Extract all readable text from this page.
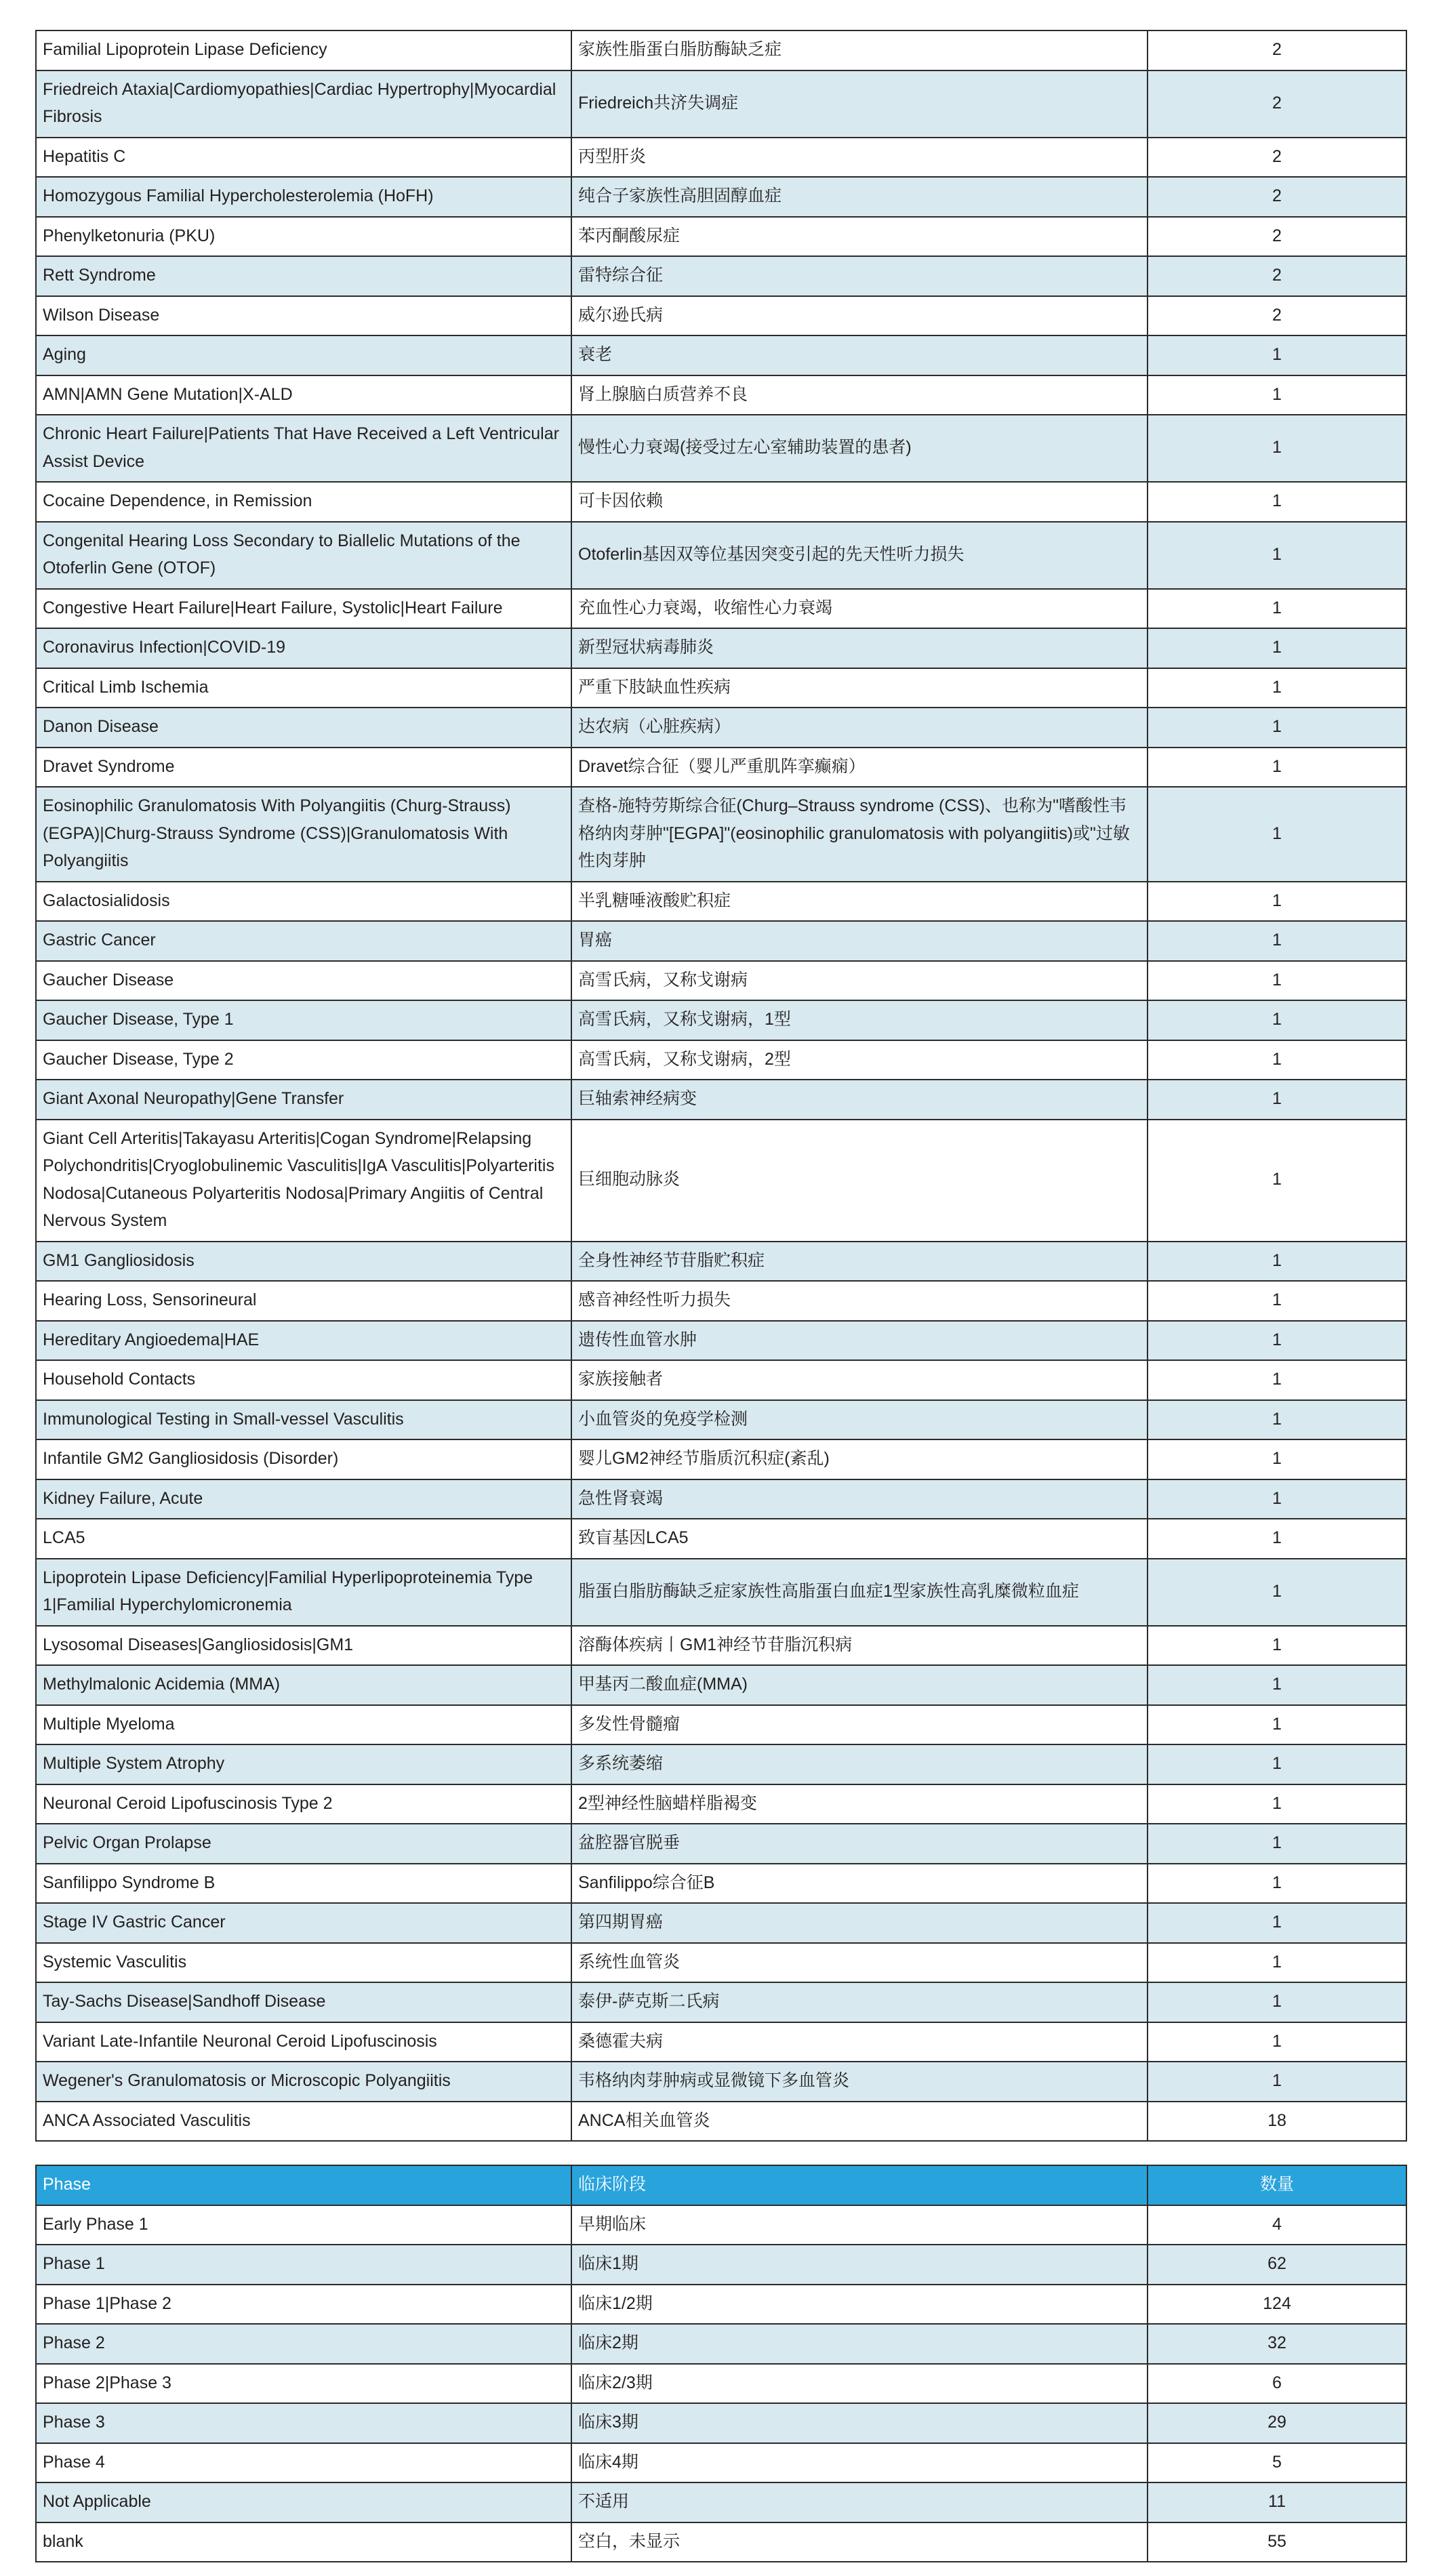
Familial Lipoprotein Lipase Deficiency	家族性脂蛋白脂肪酶缺乏症	2
Friedreich Ataxia|Cardiomyopathies|Cardiac Hypertrophy|Myocardial Fibrosis	Friedreich共济失调症	2
Hepatitis C	丙型肝炎	2
Homozygous Familial Hypercholesterolemia (HoFH)	纯合子家族性高胆固醇血症	2
Phenylketonuria (PKU)	苯丙酮酸尿症	2
Rett Syndrome	雷特综合征	2
Wilson Disease	威尔逊氏病	2
Aging	衰老	1
AMN|AMN Gene Mutation|X-ALD	肾上腺脑白质营养不良	1
Chronic Heart Failure|Patients That Have Received a Left Ventricular Assist Device	慢性心力衰竭(接受过左心室辅助装置的患者)	1
Cocaine Dependence, in Remission	可卡因依赖	1
Congenital Hearing Loss Secondary to Biallelic Mutations of the Otoferlin Gene (OTOF)	Otoferlin基因双等位基因突变引起的先天性听力损失	1
Congestive Heart Failure|Heart Failure, Systolic|Heart Failure	充血性心力衰竭，收缩性心力衰竭	1
Coronavirus Infection|COVID-19	新型冠状病毒肺炎	1
Critical Limb Ischemia	严重下肢缺血性疾病	1
Danon Disease	达农病（心脏疾病）	1
Dravet Syndrome	Dravet综合征（婴儿严重肌阵挛癫痫）	1
Eosinophilic Granulomatosis With Polyangiitis (Churg-Strauss)(EGPA)|Churg-Strauss Syndrome (CSS)|Granulomatosis With Polyangiitis	查格-施特劳斯综合征(Churg–Strauss syndrome (CSS)、也称为"嗜酸性韦格纳肉芽肿"[EGPA]"(eosinophilic granulomatosis with polyangiitis)或"过敏性肉芽肿	1
Galactosialidosis	半乳糖唾液酸贮积症	1
Gastric Cancer	胃癌	1
Gaucher Disease	高雪氏病，又称戈谢病	1
Gaucher Disease, Type 1	高雪氏病，又称戈谢病，1型	1
Gaucher Disease, Type 2	高雪氏病，又称戈谢病，2型	1
Giant Axonal Neuropathy|Gene Transfer	巨轴索神经病变	1
Giant Cell Arteritis|Takayasu Arteritis|Cogan Syndrome|Relapsing Polychondritis|Cryoglobulinemic Vasculitis|IgA Vasculitis|Polyarteritis Nodosa|Cutaneous Polyarteritis Nodosa|Primary Angiitis of Central Nervous System	巨细胞动脉炎	1
GM1 Gangliosidosis	全身性神经节苷脂贮积症	1
Hearing Loss, Sensorineural	感音神经性听力损失	1
Hereditary Angioedema|HAE	遗传性血管水肿	1
Household Contacts	家族接触者	1
Immunological Testing in Small-vessel Vasculitis	小血管炎的免疫学检测	1
Infantile GM2 Gangliosidosis (Disorder)	婴儿GM2神经节脂质沉积症(紊乱)	1
Kidney Failure, Acute	急性肾衰竭	1
LCA5	致盲基因LCA5	1
Lipoprotein Lipase Deficiency|Familial Hyperlipoproteinemia Type 1|Familial Hyperchylomicronemia	脂蛋白脂肪酶缺乏症家族性高脂蛋白血症1型家族性高乳糜微粒血症	1
Lysosomal Diseases|Gangliosidosis|GM1	溶酶体疾病丨GM1神经节苷脂沉积病	1
Methylmalonic Acidemia (MMA)	甲基丙二酸血症(MMA)	1
Multiple Myeloma	多发性骨髓瘤	1
Multiple System Atrophy	多系统萎缩	1
Neuronal Ceroid Lipofuscinosis Type 2	2型神经性脑蜡样脂褐变	1
Pelvic Organ Prolapse	盆腔器官脱垂	1
Sanfilippo Syndrome B	Sanfilippo综合征B	1
Stage IV Gastric Cancer	第四期胃癌	1
Systemic Vasculitis	系统性血管炎	1
Tay-Sachs Disease|Sandhoff Disease	泰伊-萨克斯二氏病	1
Variant Late-Infantile Neuronal Ceroid Lipofuscinosis	桑德霍夫病	1
Wegener's Granulomatosis or Microscopic Polyangiitis	韦格纳肉芽肿病或显微镜下多血管炎	1
ANCA Associated Vasculitis	ANCA相关血管炎	18
Phase	临床阶段	数量
Early Phase 1	早期临床	4
Phase 1	临床1期	62
Phase 1|Phase 2	临床1/2期	124
Phase 2	临床2期	32
Phase 2|Phase 3	临床2/3期	6
Phase 3	临床3期	29
Phase 4	临床4期	5
Not Applicable	不适用	11
blank	空白，未显示	55
